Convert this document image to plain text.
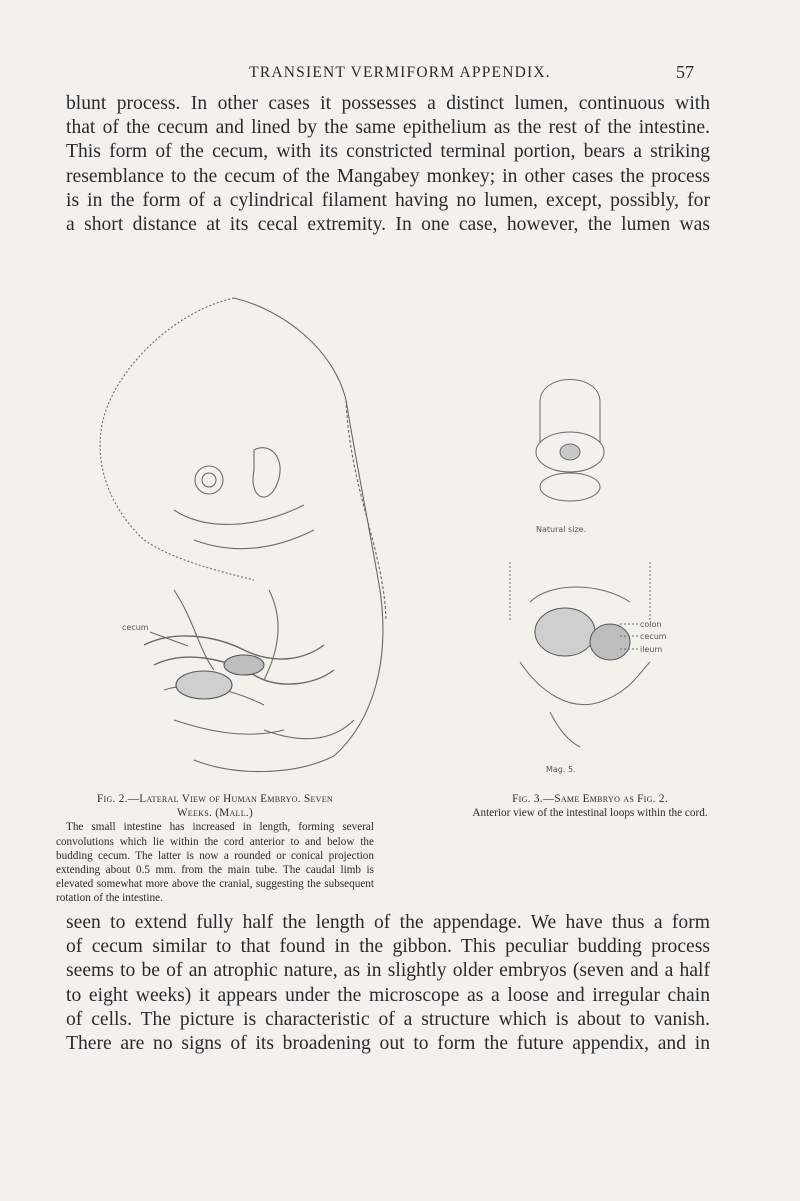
TRANSIENT VERMIFORM APPENDIX.	57
blunt process. In other cases it possesses a distinct lumen, continuous with
that of the cecum and lined by the same epithelium as the rest of the intestine.
This form of the cecum, with its constricted terminal portion, bears a striking
resemblance to the cecum of the Mangabey monkey; in other cases the process
is in the form of a cylindrical filament having no lumen, except, possibly, for
a short distance at its cecal extremity. In one case, however, the lumen was
cecum
Natural size.
colon
cecum
ileum
Mag. 5.
Fig. 2.—Lateral View of Human Embryo. Seven
Weeks. (Mall.)
The small intestine has increased in length, forming several convolutions which lie within the cord anterior to and below the budding cecum. The latter is now a rounded or conical projection extending about 0.5 mm. from the main tube. The caudal limb is elevated somewhat more above the cranial, suggesting the subsequent rotation of the intestine.
Fig. 3.—Same Embryo as Fig. 2.
Anterior view of the intestinal loops within the cord.
seen to extend fully half the length of the appendage. We have thus a form
of cecum similar to that found in the gibbon. This peculiar budding process
seems to be of an atrophic nature, as in slightly older embryos (seven and a half
to eight weeks) it appears under the microscope as a loose and irregular chain
of cells. The picture is characteristic of a structure which is about to vanish.
There are no signs of its broadening out to form the future appendix, and in
